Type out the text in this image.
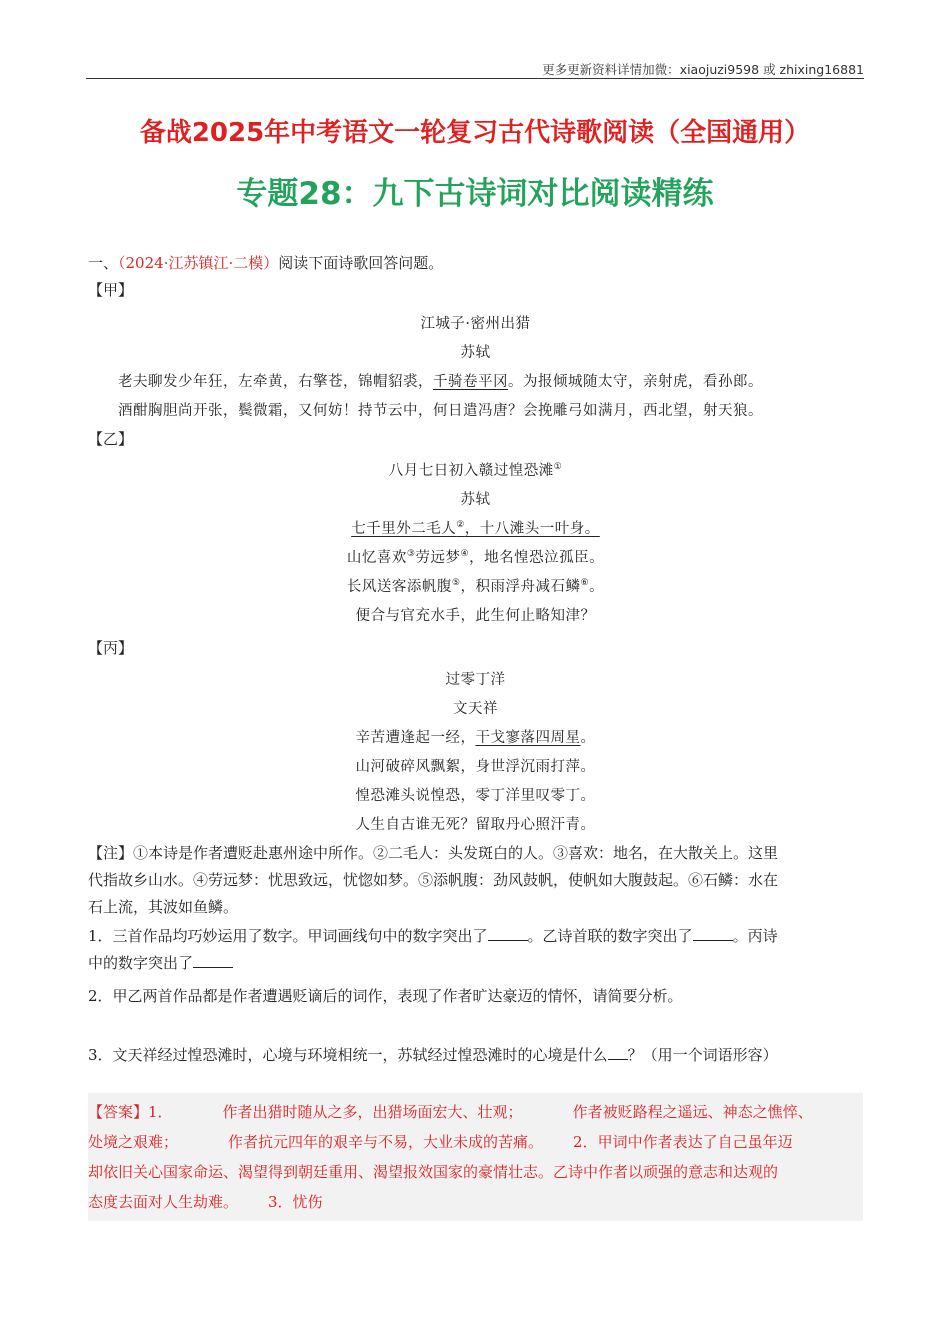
更多更新资料详情加微：xiaojuzi9598 或 zhixing16881
备战2025年中考语文一轮复习古代诗歌阅读（全国通用）
专题28：九下古诗词对比阅读精练
一、（2024·江苏镇江·二模）阅读下面诗歌回答问题。
【甲】
江城子·密州出猎
苏轼
老夫聊发少年狂，左牵黄，右擎苍，锦帽貂裘，千骑卷平冈。为报倾城随太守，亲射虎，看孙郎。
酒酣胸胆尚开张，鬓微霜，又何妨！持节云中，何日遣冯唐？会挽雕弓如满月，西北望，射天狼。
【乙】
八月七日初入赣过惶恐滩①
苏轼
七千里外二毛人②，十八滩头一叶身。
山忆喜欢③劳远梦④，地名惶恐泣孤臣。
长风送客添帆腹⑤，积雨浮舟减石鳞⑥。
便合与官充水手，此生何止略知津？
【丙】
过零丁洋
文天祥
辛苦遭逢起一经，干戈寥落四周星。
山河破碎风飘絮，身世浮沉雨打萍。
惶恐滩头说惶恐，零丁洋里叹零丁。
人生自古谁无死？留取丹心照汗青。
【注】①本诗是作者遭贬赴惠州途中所作。②二毛人：头发斑白的人。③喜欢：地名，在大散关上。这里
代指故乡山水。④劳远梦：忧思致远，忧惚如梦。⑤添帆腹：劲风鼓帆，使帆如大腹鼓起。⑥石鳞：水在
石上流，其波如鱼鳞。
1．三首作品均巧妙运用了数字。甲词画线句中的数字突出了	。乙诗首联的数字突出了	。丙诗
中的数字突出了
2．甲乙两首作品都是作者遭遇贬谪后的词作，表现了作者旷达豪迈的情怀，请简要分析。
3．文天祥经过惶恐滩时，心境与环境相统一，苏轼经过惶恐滩时的心境是什么 ？（用一个词语形容）
【答案】1．	作者出猎时随从之多，出猎场面宏大、壮观；	作者被贬路程之遥远、神态之憔悴、
处境之艰难；	作者抗元四年的艰辛与不易，大业未成的苦痛。 2．甲词中作者表达了自己虽年迈
却依旧关心国家命运、渴望得到朝廷重用、渴望报效国家的豪情壮志。乙诗中作者以顽强的意志和达观的
态度去面对人生劫难。 3．忧伤
